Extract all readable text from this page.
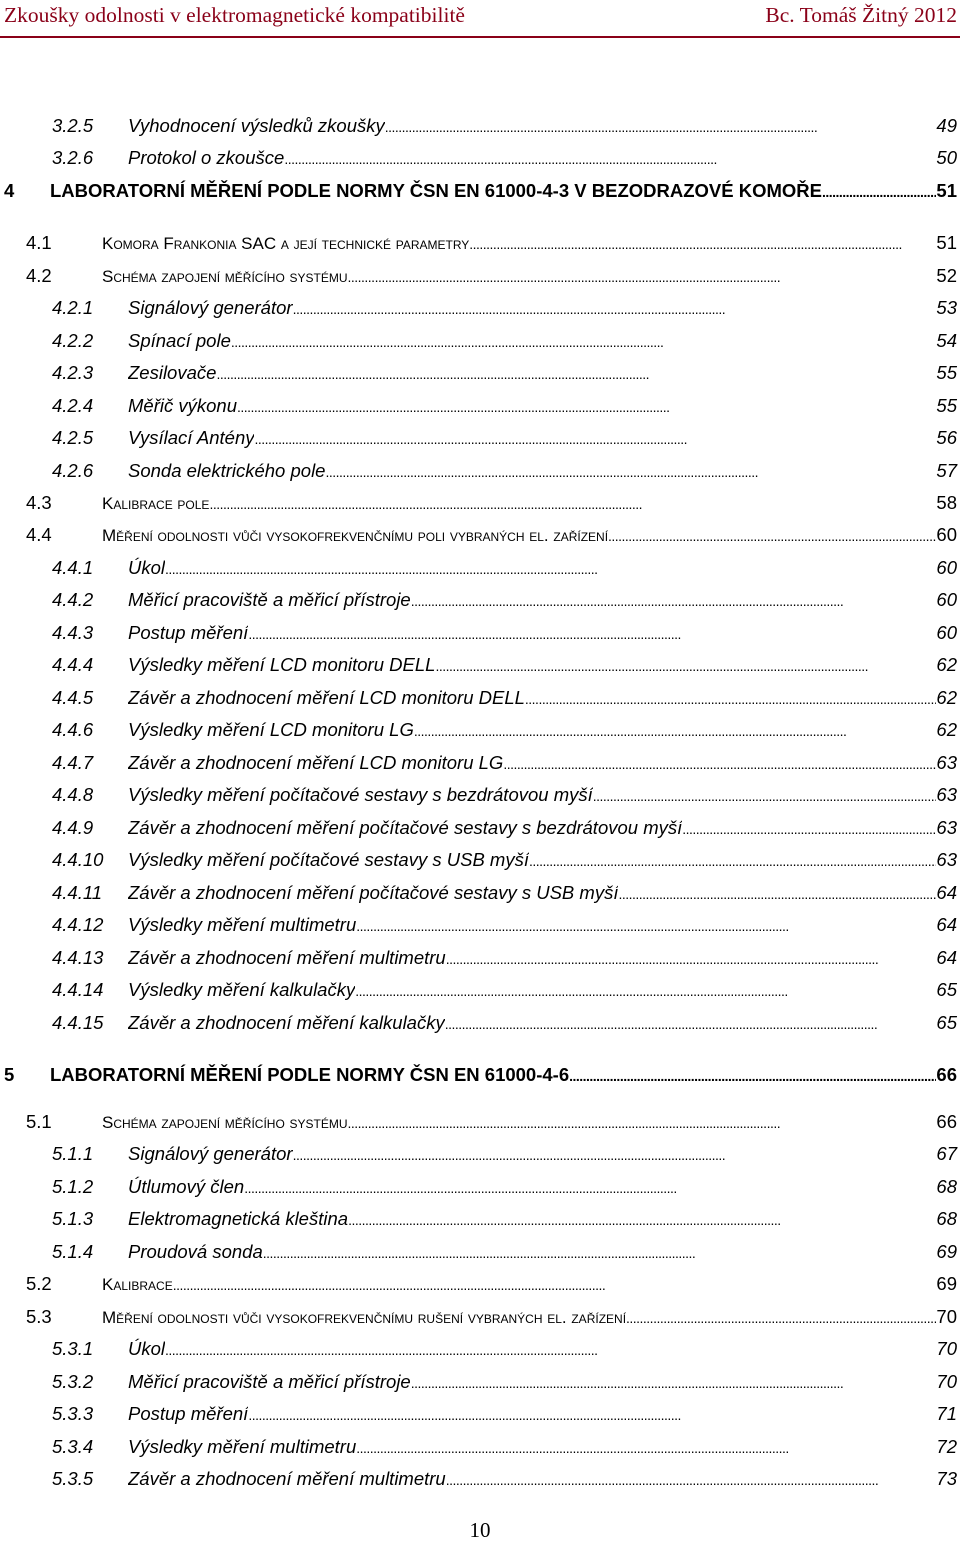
Zkoušky odolnosti v elektromagnetické kompatibilitě	Bc. Tomáš Žitný 2012
3.2.5	Vyhodnocení výsledků zkoušky . . .	49
3.2.6	Protokol o zkoušce . . .	50
4	LABORATORNÍ MĚŘENÍ PODLE NORMY ČSN EN 61000-4-3 V BEZODRAZOVÉ KOMOŘE . . .	51
4.1	Komora Frankonia SAC a její technické parametry . . .	51
4.2	Schéma zapojení měřícího systému . . .	52
4.2.1	Signálový generátor . . .	53
4.2.2	Spínací pole . . .	54
4.2.3	Zesilovače . . .	55
4.2.4	Měřič výkonu . . .	55
4.2.5	Vysílací Antény . . .	56
4.2.6	Sonda elektrického pole . . .	57
4.3	Kalibrace pole . . .	58
4.4	Měření odolnosti vůči vysokofrekvenčnímu poli vybraných el. zařízení . . .	60
4.4.1	Úkol . . .	60
4.4.2	Měřicí pracoviště a měřicí přístroje . . .	60
4.4.3	Postup měření . . .	60
4.4.4	Výsledky měření LCD monitoru DELL . . .	62
4.4.5	Závěr a zhodnocení měření LCD monitoru DELL . . .	62
4.4.6	Výsledky měření LCD monitoru LG . . .	62
4.4.7	Závěr a zhodnocení měření LCD monitoru LG . . .	63
4.4.8	Výsledky měření počítačové sestavy s bezdrátovou myší . . .	63
4.4.9	Závěr a zhodnocení měření počítačové sestavy s bezdrátovou myší . . .	63
4.4.10	Výsledky měření počítačové sestavy s USB myší . . .	63
4.4.11	Závěr a zhodnocení měření počítačové sestavy s USB myší . . .	64
4.4.12	Výsledky měření multimetru . . .	64
4.4.13	Závěr a zhodnocení měření multimetru . . .	64
4.4.14	Výsledky měření kalkulačky . . .	65
4.4.15	Závěr a zhodnocení měření kalkulačky . . .	65
5	LABORATORNÍ MĚŘENÍ PODLE NORMY ČSN EN 61000-4-6 . . .	66
5.1	Schéma zapojení měřícího systému . . .	66
5.1.1	Signálový generátor . . .	67
5.1.2	Útlumový člen . . .	68
5.1.3	Elektromagnetická kleština . . .	68
5.1.4	Proudová sonda . . .	69
5.2	Kalibrace . . .	69
5.3	Měření odolnosti vůči vysokofrekvenčnímu rušení vybraných el. zařízení . . .	70
5.3.1	Úkol . . .	70
5.3.2	Měřicí pracoviště a měřicí přístroje . . .	70
5.3.3	Postup měření . . .	71
5.3.4	Výsledky měření multimetru . . .	72
5.3.5	Závěr a zhodnocení měření multimetru . . .	73
10
